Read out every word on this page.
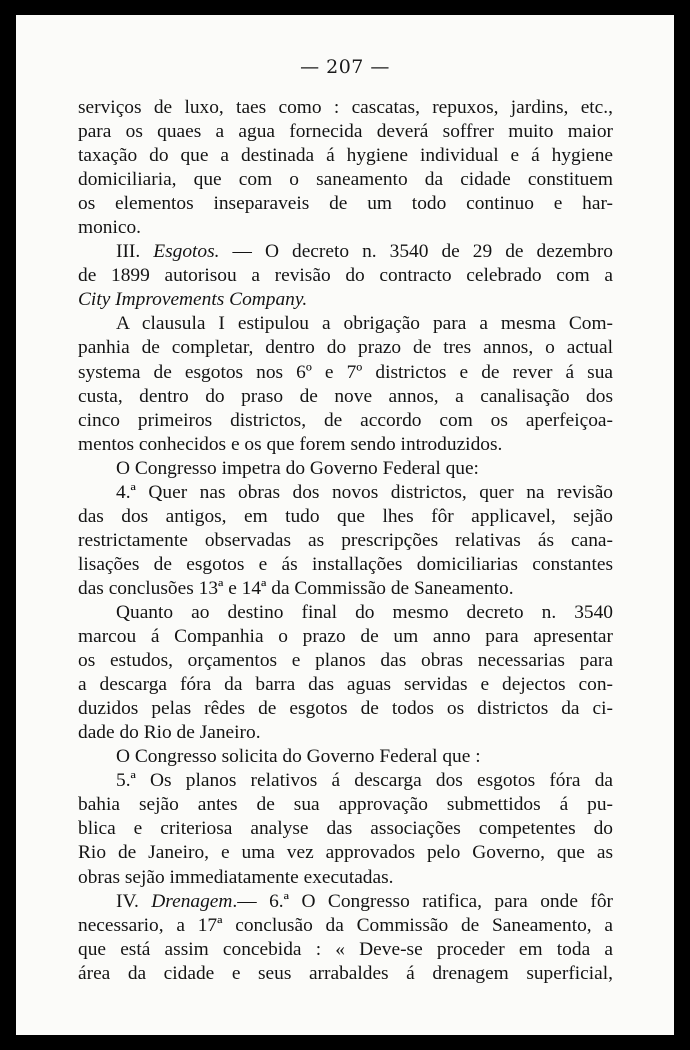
— 207 —
serviços de luxo, taes como : cascatas, repuxos, jardins, etc.,
para os quaes a agua fornecida deverá soffrer muito maior
taxação do que a destinada á hygiene individual e á hygiene
domiciliaria, que com o saneamento da cidade constituem
os elementos inseparaveis de um todo continuo e har-
monico.
III. Esgotos. — O decreto n. 3540 de 29 de dezembro
de 1899 autorisou a revisão do contracto celebrado com a
City Improvements Company.
A clausula I estipulou a obrigação para a mesma Com-
panhia de completar, dentro do prazo de tres annos, o actual
systema de esgotos nos 6º e 7º districtos e de rever á sua
custa, dentro do praso de nove annos, a canalisação dos
cinco primeiros districtos, de accordo com os aperfeiçoa-
mentos conhecidos e os que forem sendo introduzidos.
O Congresso impetra do Governo Federal que:
4.ª Quer nas obras dos novos districtos, quer na revisão
das dos antigos, em tudo que lhes fôr applicavel, sejão
restrictamente observadas as prescripções relativas ás cana-
lisações de esgotos e ás installações domiciliarias constantes
das conclusões 13ª e 14ª da Commissão de Saneamento.
Quanto ao destino final do mesmo decreto n. 3540
marcou á Companhia o prazo de um anno para apresentar
os estudos, orçamentos e planos das obras necessarias para
a descarga fóra da barra das aguas servidas e dejectos con-
duzidos pelas rêdes de esgotos de todos os districtos da ci-
dade do Rio de Janeiro.
O Congresso solicita do Governo Federal que :
5.ª Os planos relativos á descarga dos esgotos fóra da
bahia sejão antes de sua approvação submettidos á pu-
blica e criteriosa analyse das associações competentes do
Rio de Janeiro, e uma vez approvados pelo Governo, que as
obras sejão immediatamente executadas.
IV. Drenagem.— 6.ª O Congresso ratifica, para onde fôr
necessario, a 17ª conclusão da Commissão de Saneamento, a
que está assim concebida : « Deve-se proceder em toda a
área da cidade e seus arrabaldes á drenagem superficial,
